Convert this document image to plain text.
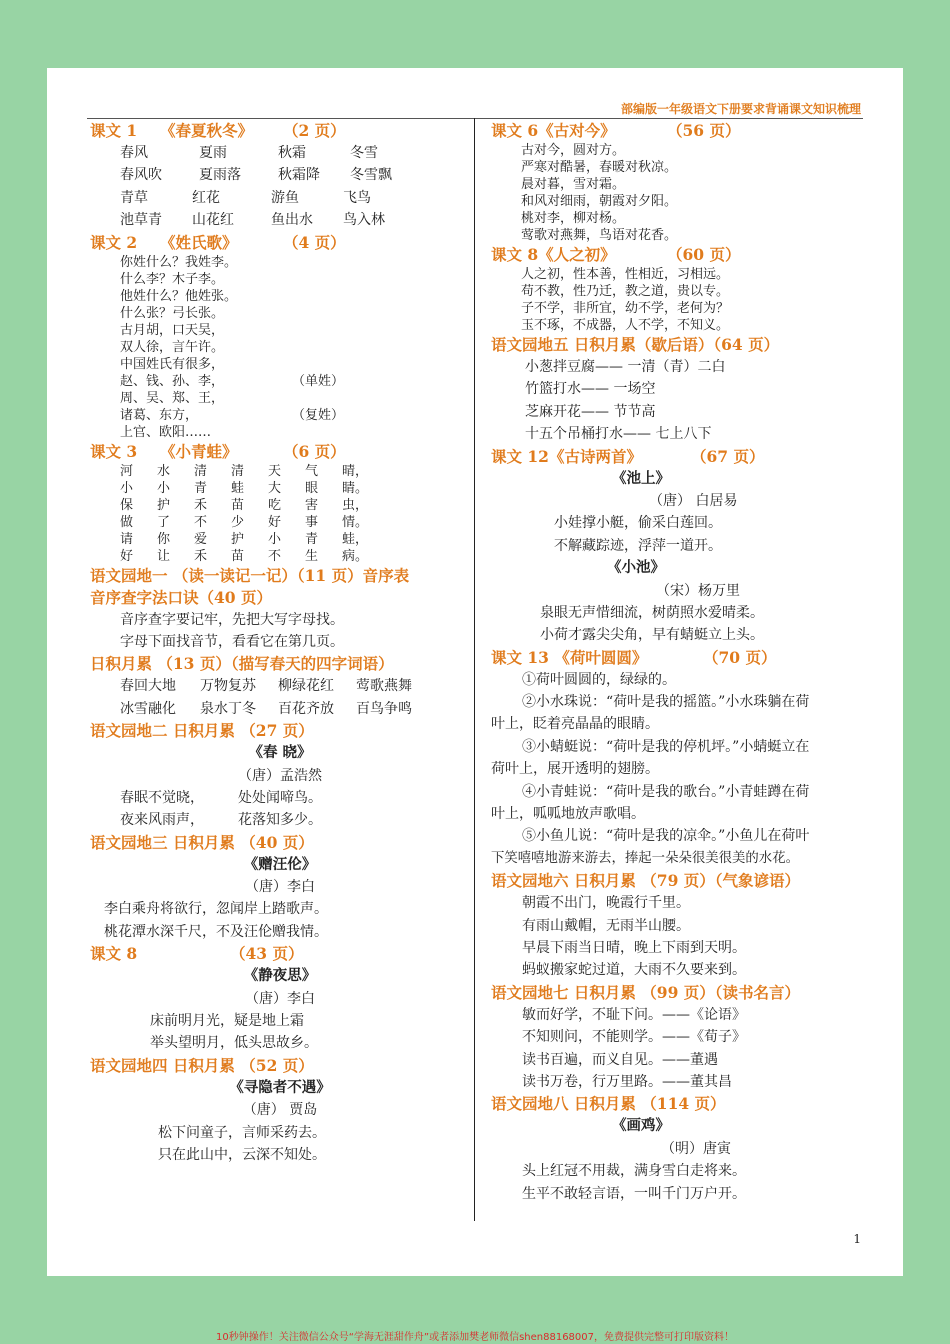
部编版一年级语文下册要求背诵课文知识梳理
课文 1 《春夏秋冬》 （2 页）
春风	夏雨	秋霜	冬雪
春风吹	夏雨落	秋霜降	冬雪飘
青草	红花	游鱼	飞鸟
池草青	山花红	鱼出水	鸟入林
课文 2 《姓氏歌》	（4 页）
你姓什么？我姓李。
什么李？木子李。
他姓什么？他姓张。
什么张？弓长张。
古月胡，口天吴，
双人徐，言午许。
中国姓氏有很多，
赵、钱、孙、李，	（单姓）
周、吴、郑、王，
诸葛、东方，	（复姓）
上官、欧阳……
课文 3 《小青蛙》	（6 页）
河	水	清	清	天	气	晴，
小	小	青	蛙	大	眼	睛。
保	护	禾	苗	吃	害	虫，
做	了	不	少	好	事	情。
请	你	爱	护	小	青	蛙，
好	让	禾	苗	不	生	病。
语文园地一 （读一读记一记）（11 页）音序表
音序查字法口诀（40 页）
音序查字要记牢，先把大写字母找。
字母下面找音节，看看它在第几页。
日积月累 （13 页）（描写春天的四字词语）
春回大地	万物复苏	柳绿花红	莺歌燕舞
冰雪融化	泉水丁冬	百花齐放	百鸟争鸣
语文园地二 日积月累 （27 页）
《春 晓》
（唐）孟浩然
春眠不觉晓，	处处闻啼鸟。
夜来风雨声，	花落知多少。
语文园地三 日积月累 （40 页）
《赠汪伦》
（唐）李白
李白乘舟将欲行，忽闻岸上踏歌声。
桃花潭水深千尺，不及汪伦赠我情。
课文 8	（43 页）
《静夜思》
（唐）李白
床前明月光，疑是地上霜
举头望明月，低头思故乡。
语文园地四 日积月累 （52 页）
《寻隐者不遇》
（唐） 贾岛
松下问童子，言师采药去。
只在此山中，云深不知处。
课文 6《古对今》	（56 页）
古对今，圆对方。
严寒对酷暑，春暖对秋凉。
晨对暮，雪对霜。
和风对细雨，朝霞对夕阳。
桃对李，柳对杨。
莺歌对燕舞，鸟语对花香。
课文 8《人之初》	（60 页）
人之初，性本善，性相近，习相远。
苟不教，性乃迁，教之道，贵以专。
子不学，非所宜，幼不学，老何为？
玉不琢，不成器，人不学，不知义。
语文园地五 日积月累（歇后语）（64 页）
小葱拌豆腐—— 一清（青）二白
竹篮打水—— 一场空
芝麻开花—— 节节高
十五个吊桶打水—— 七上八下
课文 12《古诗两首》	（67 页）
《池上》
（唐） 白居易
小娃撑小艇，偷采白莲回。
不解藏踪迹，浮萍一道开。
《小池》
（宋）杨万里
泉眼无声惜细流，树荫照水爱晴柔。
小荷才露尖尖角，早有蜻蜓立上头。
课文 13 《荷叶圆圆》	（70 页）
①荷叶圆圆的，绿绿的。
②小水珠说：“荷叶是我的摇篮。”小水珠躺在荷
叶上，眨着亮晶晶的眼睛。
③小蜻蜓说：“荷叶是我的停机坪。”小蜻蜓立在
荷叶上，展开透明的翅膀。
④小青蛙说：“荷叶是我的歌台。”小青蛙蹲在荷
叶上，呱呱地放声歌唱。
⑤小鱼儿说：“荷叶是我的凉伞。”小鱼儿在荷叶
下笑嘻嘻地游来游去，捧起一朵朵很美很美的水花。
语文园地六 日积月累 （79 页）（气象谚语）
朝霞不出门，晚霞行千里。
有雨山戴帽，无雨半山腰。
早晨下雨当日晴，晚上下雨到天明。
蚂蚁搬家蛇过道，大雨不久要来到。
语文园地七 日积月累 （99 页）（读书名言）
敏而好学，不耻下问。——《论语》
不知则问，不能则学。——《荀子》
读书百遍，而义自见。——董遇
读书万卷，行万里路。——董其昌
语文园地八 日积月累 （114 页）
《画鸡》
（明）唐寅
头上红冠不用裁，满身雪白走将来。
生平不敢轻言语，一叫千门万户开。
1
10秒钟操作！关注微信公众号“学海无涯甜作舟”或者添加樊老师微信shen88168007，免费提供完整可打印版资料！
